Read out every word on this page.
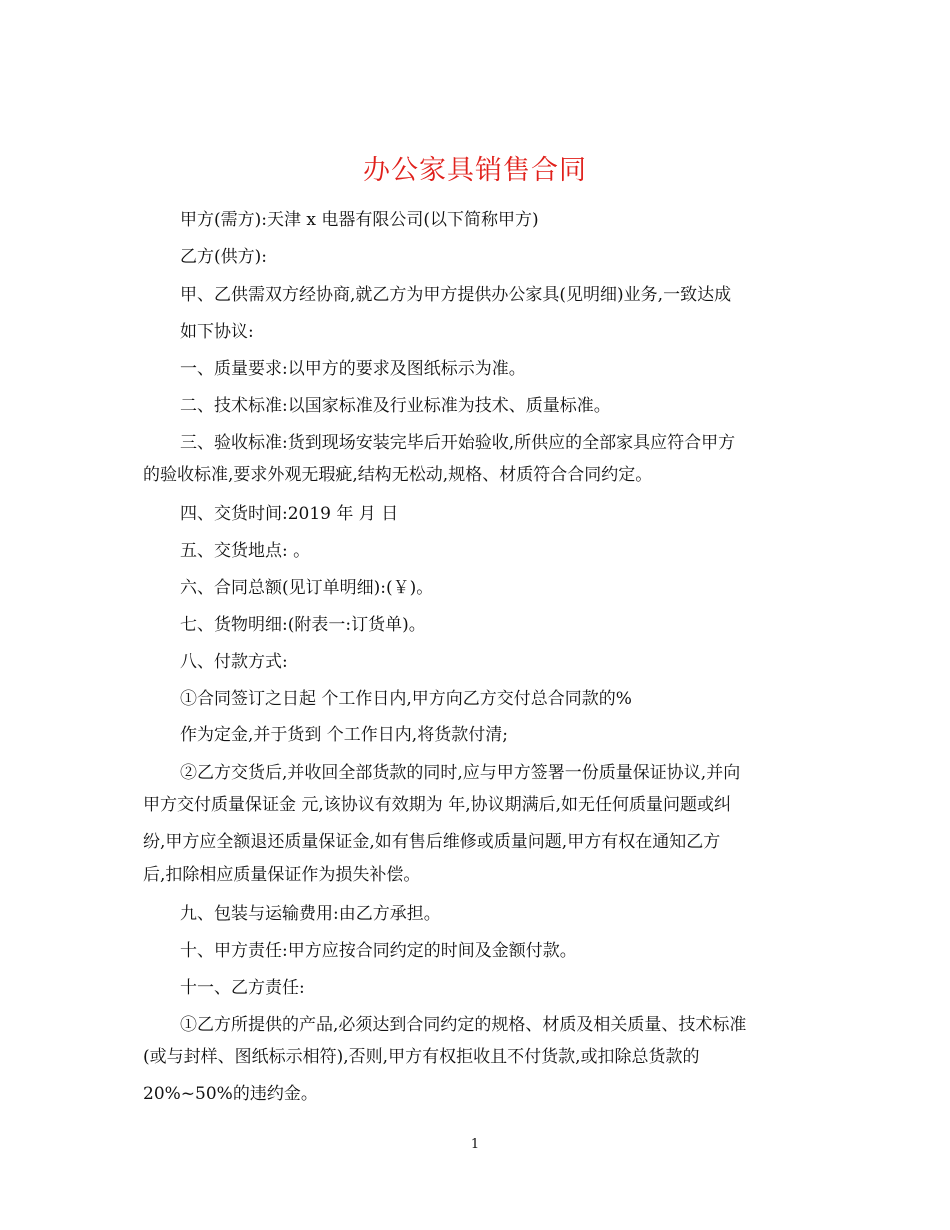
办公家具销售合同
甲方(需方):天津 x 电器有限公司(以下简称甲方)
乙方(供方):
甲、乙供需双方经协商,就乙方为甲方提供办公家具(见明细)业务,一致达成
如下协议:
一、质量要求:以甲方的要求及图纸标示为准。
二、技术标准:以国家标准及行业标准为技术、质量标准。
三、验收标准:货到现场安装完毕后开始验收,所供应的全部家具应符合甲方
的验收标准,要求外观无瑕疵,结构无松动,规格、材质符合合同约定。
四、交货时间:2019 年 月 日
五、交货地点: 。
六、合同总额(见订单明细):(￥)。
七、货物明细:(附表一:订货单)。
八、付款方式:
①合同签订之日起 个工作日内,甲方向乙方交付总合同款的%
作为定金,并于货到 个工作日内,将货款付清;
②乙方交货后,并收回全部货款的同时,应与甲方签署一份质量保证协议,并向
甲方交付质量保证金 元,该协议有效期为 年,协议期满后,如无任何质量问题或纠
纷,甲方应全额退还质量保证金,如有售后维修或质量问题,甲方有权在通知乙方
后,扣除相应质量保证作为损失补偿。
九、包装与运输费用:由乙方承担。
十、甲方责任:甲方应按合同约定的时间及金额付款。
十一、乙方责任:
①乙方所提供的产品,必须达到合同约定的规格、材质及相关质量、技术标准
(或与封样、图纸标示相符),否则,甲方有权拒收且不付货款,或扣除总货款的
20%~50%的违约金。
1
